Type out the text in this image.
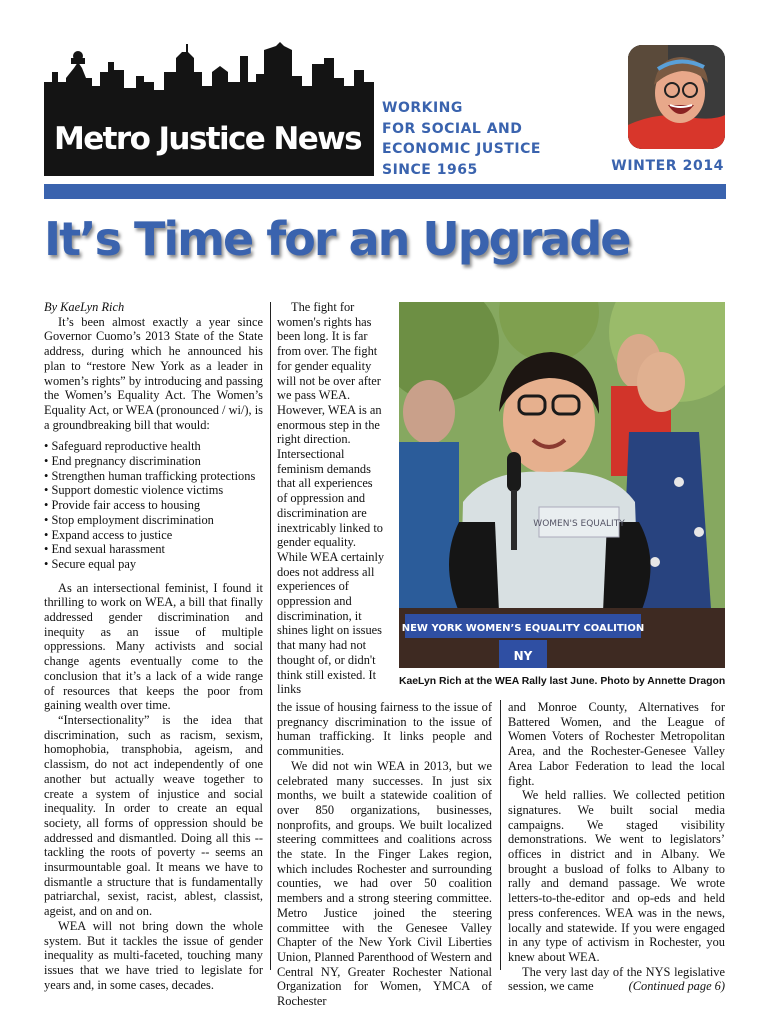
Metro Justice News
WORKING
FOR SOCIAL AND
ECONOMIC JUSTICE
SINCE 1965	WINTER 2014
It’s Time for an Upgrade

By KaeLyn Rich

It’s been almost exactly a year since Governor Cuomo’s 2013 State of the State address, during which he announced his plan to “restore New York as a leader in women’s rights” by introducing and passing the Women’s Equality Act. The Women’s Equality Act, or WEA (pronounced / wi/), is a groundbreaking bill that would:

• Safeguard reproductive health
• End pregnancy discrimination
• Strengthen human trafficking protections
• Support domestic violence victims
• Provide fair access to housing
• Stop employment discrimination
• Expand access to justice
• End sexual harassment
• Secure equal pay

As an intersectional feminist, I found it thrilling to work on WEA, a bill that finally addressed gender discrimination and inequity as an issue of multiple oppressions. Many activists and social change agents eventually come to the conclusion that it’s a lack of a wide range of resources that keeps the poor from gaining wealth over time.

“Intersectionality” is the idea that discrimination, such as racism, sexism, homophobia, transphobia, ageism, and classism, do not act independently of one another but actually weave together to create a system of injustice and social inequality. In order to create an equal society, all forms of oppression should be addressed and dismantled. Doing all this -- tackling the roots of poverty -- seems an insurmountable goal. It means we have to dismantle a structure that is fundamentally patriarchal, sexist, racist, ablest, classist, ageist, and on and on.

WEA will not bring down the whole system. But it tackles the issue of gender inequality as multi-faceted, touching many issues that we have tried to legislate for years and, in some cases, decades.

The fight for women's rights has been long. It is far from over. The fight for gender equality will not be over after we pass WEA. However, WEA is an enormous step in the right direction. Intersectional feminism demands that all experiences of oppression and discrimination are inextricably linked to gender equality. While WEA certainly does not address all experiences of oppression and discrimination, it shines light on issues that many had not thought of, or didn't think still existed. It links

the issue of housing fairness to the issue of pregnancy discrimination to the issue of human trafficking. It links people and communities.

We did not win WEA in 2013, but we celebrated many successes. In just six months, we built a statewide coalition of over 850 organizations, businesses, nonprofits, and groups. We built localized steering committees and coalitions across the state. In the Finger Lakes region, which includes Rochester and surrounding counties, we had over 50 coalition members and a strong steering committee. Metro Justice joined the steering committee with the Genesee Valley Chapter of the New York Civil Liberties Union, Planned Parenthood of Western and Central NY, Greater Rochester National Organization for Women, YMCA of Rochester

WOMEN'S EQUALITY
NEW YORK WOMEN’S EQUALITY COALITION
NY
KaeLyn Rich at the WEA Rally last June. Photo by Annette Dragon

and Monroe County, Alternatives for Battered Women, and the League of Women Voters of Rochester Metropolitan Area, and the Rochester-Genesee Valley Area Labor Federation to lead the local fight.

We held rallies. We collected petition signatures. We built social media campaigns. We staged visibility demonstrations. We went to legislators’ offices in district and in Albany. We brought a busload of folks to Albany to rally and demand passage. We wrote letters-to-the-editor and op-eds and held press conferences. WEA was in the news, locally and statewide. If you were engaged in any type of activism in Rochester, you knew about WEA.

The very last day of the NYS legislative session, we came	(Continued page 6)
